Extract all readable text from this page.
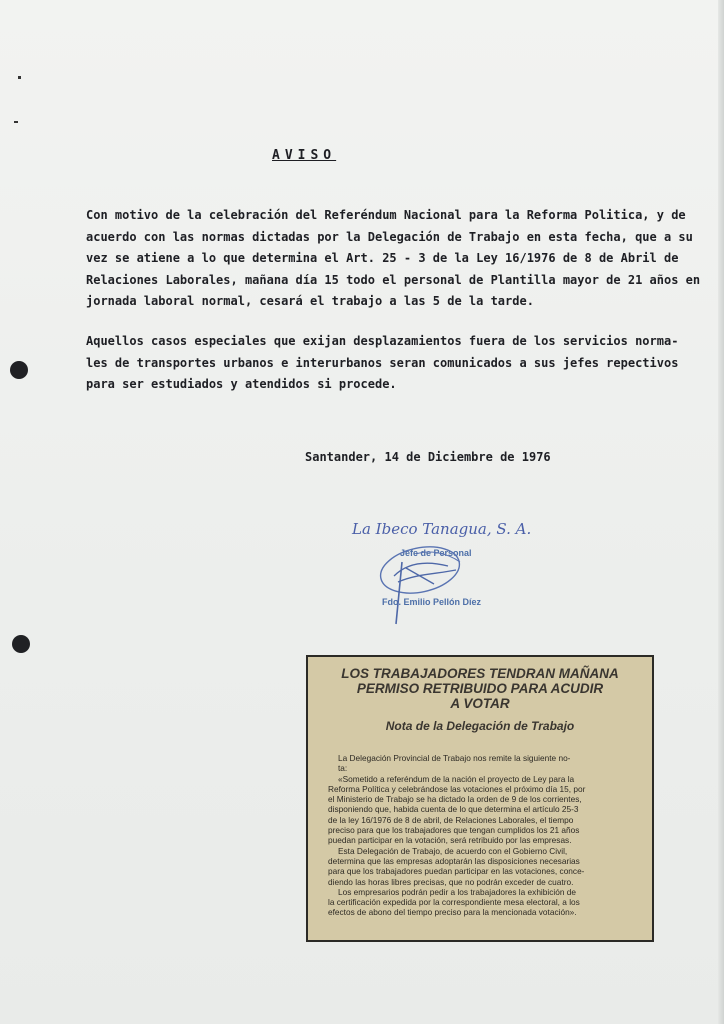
AVISO
Con motivo de la celebración del Referéndum Nacional para la Reforma Politica, y de
acuerdo con las normas dictadas por la Delegación de Trabajo en esta fecha, que a su
vez se atiene a lo que determina el Art. 25 - 3 de la Ley 16/1976 de 8 de Abril de
Relaciones Laborales, mañana día 15 todo el personal de Plantilla mayor de 21 años en
jornada laboral normal, cesará el trabajo a las 5 de la tarde.
Aquellos casos especiales que exijan desplazamientos fuera de los servicios norma-
les de transportes urbanos e interurbanos seran comunicados a sus jefes repectivos
para ser estudiados y atendidos si procede.
Santander, 14 de Diciembre de 1976
La Ibeco Tanagua, S. A.
Jefe de Personal
Fdo. Emilio Pellón Díez
LOS TRABAJADORES TENDRAN MAÑANA
PERMISO RETRIBUIDO PARA ACUDIR
A VOTAR
Nota de la Delegación de Trabajo

La Delegación Provincial de Trabajo nos remite la siguiente no-
ta:

«Sometido a referéndum de la nación el proyecto de Ley para la
Reforma Política y celebrándose las votaciones el próximo día 15, por
el Ministerio de Trabajo se ha dictado la orden de 9 de los corrientes,
disponiendo que, habida cuenta de lo que determina el artículo 25-3
de la ley 16/1976 de 8 de abril, de Relaciones Laborales, el tiempo
preciso para que los trabajadores que tengan cumplidos los 21 años
puedan participar en la votación, será retribuido por las empresas.

Esta Delegación de Trabajo, de acuerdo con el Gobierno Civil,
determina que las empresas adoptarán las disposiciones necesarias
para que los trabajadores puedan participar en las votaciones, conce-
diendo las horas libres precisas, que no podrán exceder de cuatro.

Los empresarios podrán pedir a los trabajadores la exhibición de
la certificación expedida por la correspondiente mesa electoral, a los
efectos de abono del tiempo preciso para la mencionada votación».
